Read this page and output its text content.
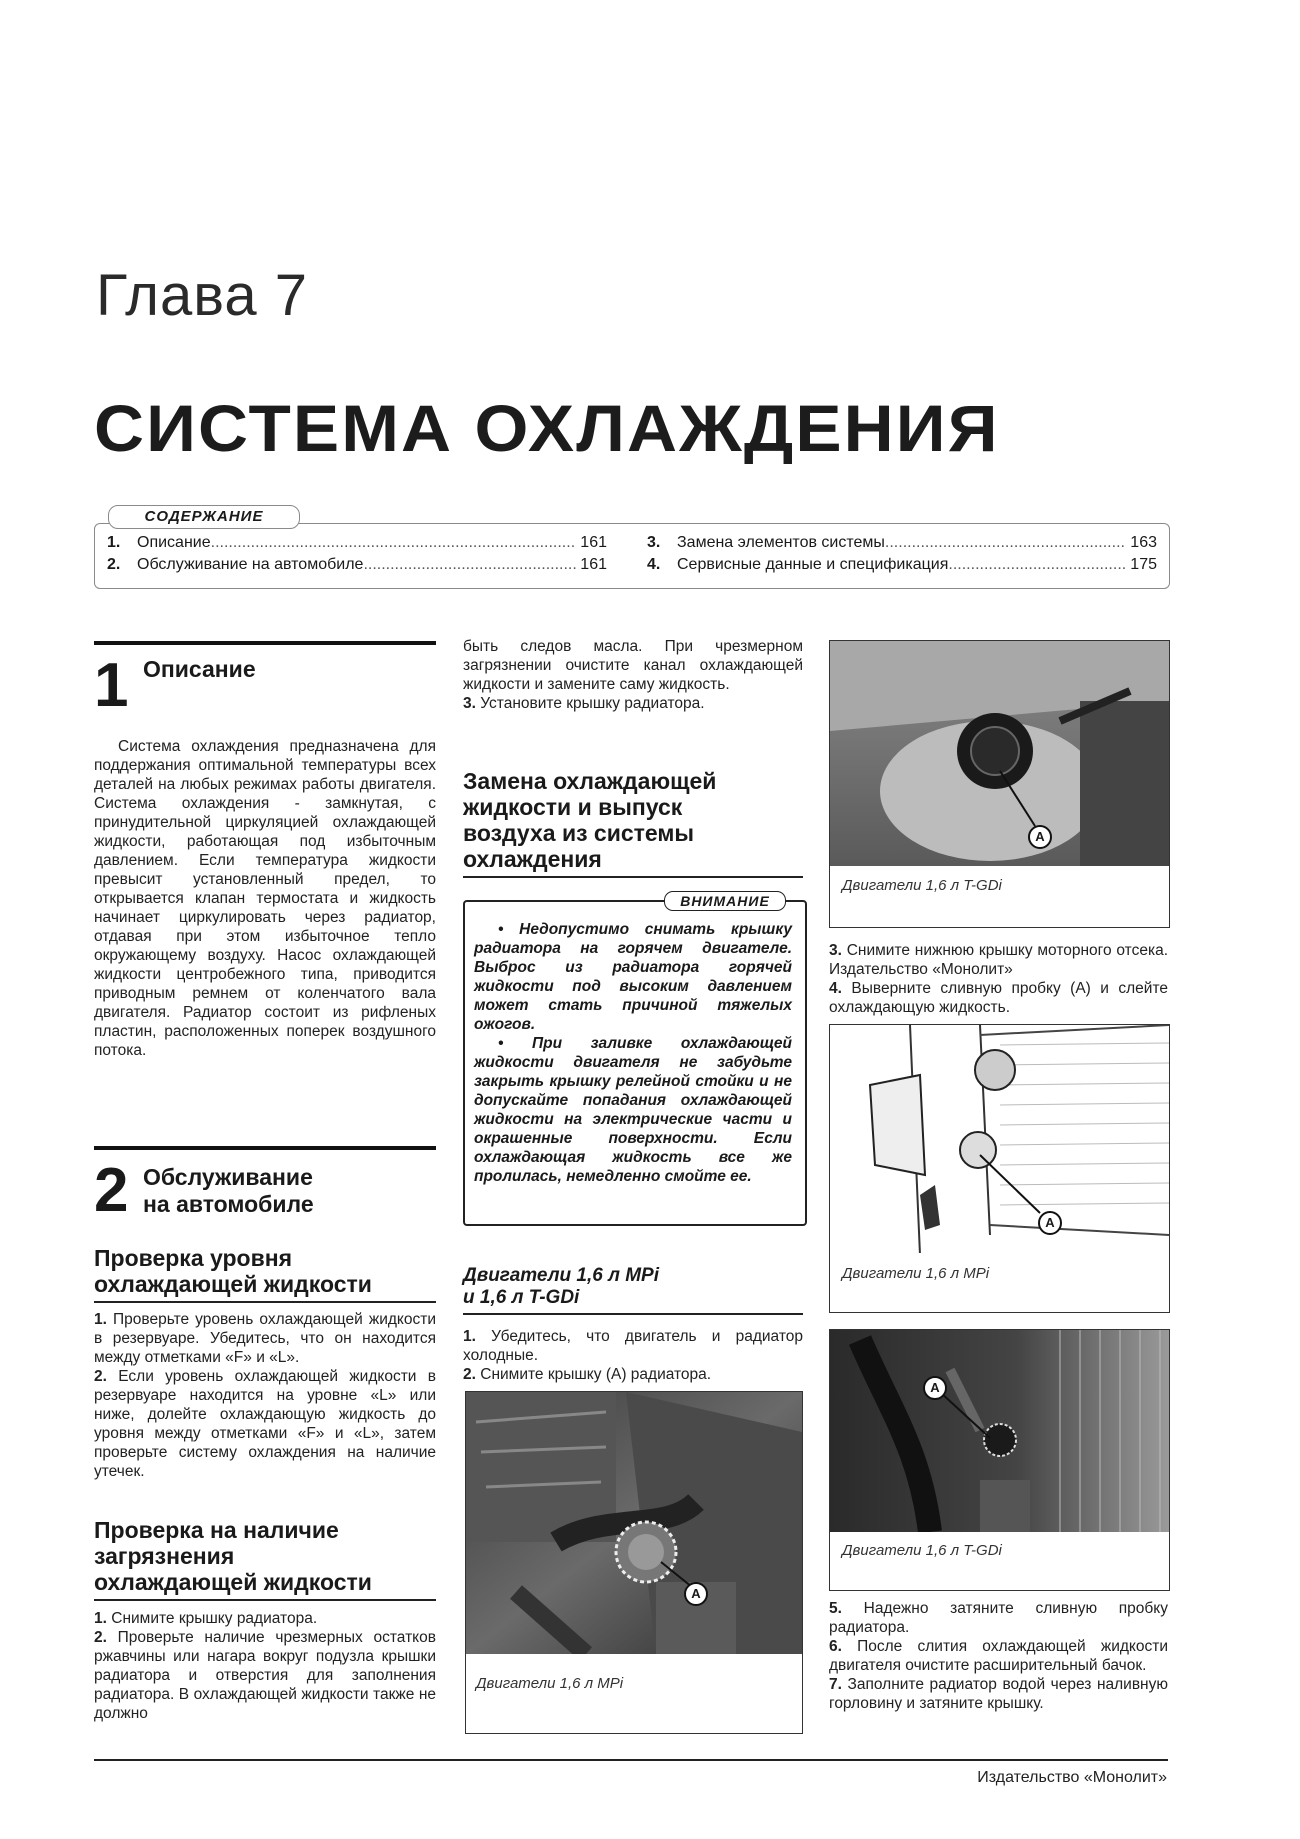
Глава 7
СИСТЕМА ОХЛАЖДЕНИЯ
1.	Описание .....	161
2.	Обслуживание на автомобиле .....	161
3.	Замена элементов системы .....	163
4.	Сервисные данные и спецификация .....	175
СОДЕРЖАНИЕ
1 Описание
Система охлаждения предназначена для поддержания оптимальной температуры всех деталей на любых режимах работы двигателя. Система охлаждения - замкнутая, с принудительной циркуляцией охлаждающей жидкости, работающая под избыточным давлением. Если температура жидкости превысит установленный предел, то открывается клапан термостата и жидкость начинает циркулировать через радиатор, отдавая при этом избыточное тепло окружающему воздуху. Насос охлаждающей жидкости центробежного типа, приводится приводным ремнем от коленчатого вала двигателя. Радиатор состоит из рифленых пластин, расположенных поперек воздушного потока.
2 Обслуживание
на автомобиле
Проверка уровня
охлаждающей жидкости

1. Проверьте уровень охлаждающей жидкости в резервуаре. Убедитесь, что он находится между отметками «F» и «L».

2. Если уровень охлаждающей жидкости в резервуаре находится на уровне «L» или ниже, долейте охлаждающую жидкость до уровня между отметками «F» и «L», затем проверьте систему охлаждения на наличие утечек.

Проверка на наличие
загрязнения
охлаждающей жидкости

1. Снимите крышку радиатора.

2. Проверьте наличие чрезмерных остатков ржавчины или нагара вокруг подузла крышки радиатора и отверстия для заполнения радиатора. В охлаждающей жидкости также не должно

быть следов масла. При чрезмерном загрязнении очистите канал охлаждающей жидкости и замените саму жидкость.

3. Установите крышку радиатора.

Замена охлаждающей
жидкости и выпуск
воздуха из системы
охлаждения
ВНИМАНИЕ
• Недопустимо снимать крышку радиатора на горячем двигателе. Выброс из радиатора горячей жидкости под высоким давлением может стать причиной тяжелых ожогов.
• При заливке охлаждающей жидкости двигателя не забудьте закрыть крышку релейной стойки и не допускайте попадания охлаждающей жидкости на электрические части и окрашенные поверхности. Если охлаждающая жидкость все же пролилась, немедленно смойте ее.
Двигатели 1,6 л MPi
и 1,6 л T-GDi

1. Убедитесь, что двигатель и радиатор холодные.

2. Снимите крышку (A) радиатора.

A
Двигатели 1,6 л MPi
A
Двигатели 1,6 л T-GDi

3. Снимите нижнюю крышку моторного отсека. Издательство «Монолит»

4. Выверните сливную пробку (A) и слейте охлаждающую жидкость.

A
Двигатели 1,6 л MPi
A
Двигатели 1,6 л T-GDi

5. Надежно затяните сливную пробку радиатора.

6. После слития охлаждающей жидкости двигателя очистите расширительный бачок.

7. Заполните радиатор водой через наливную горловину и затяните крышку.

Издательство «Монолит»
